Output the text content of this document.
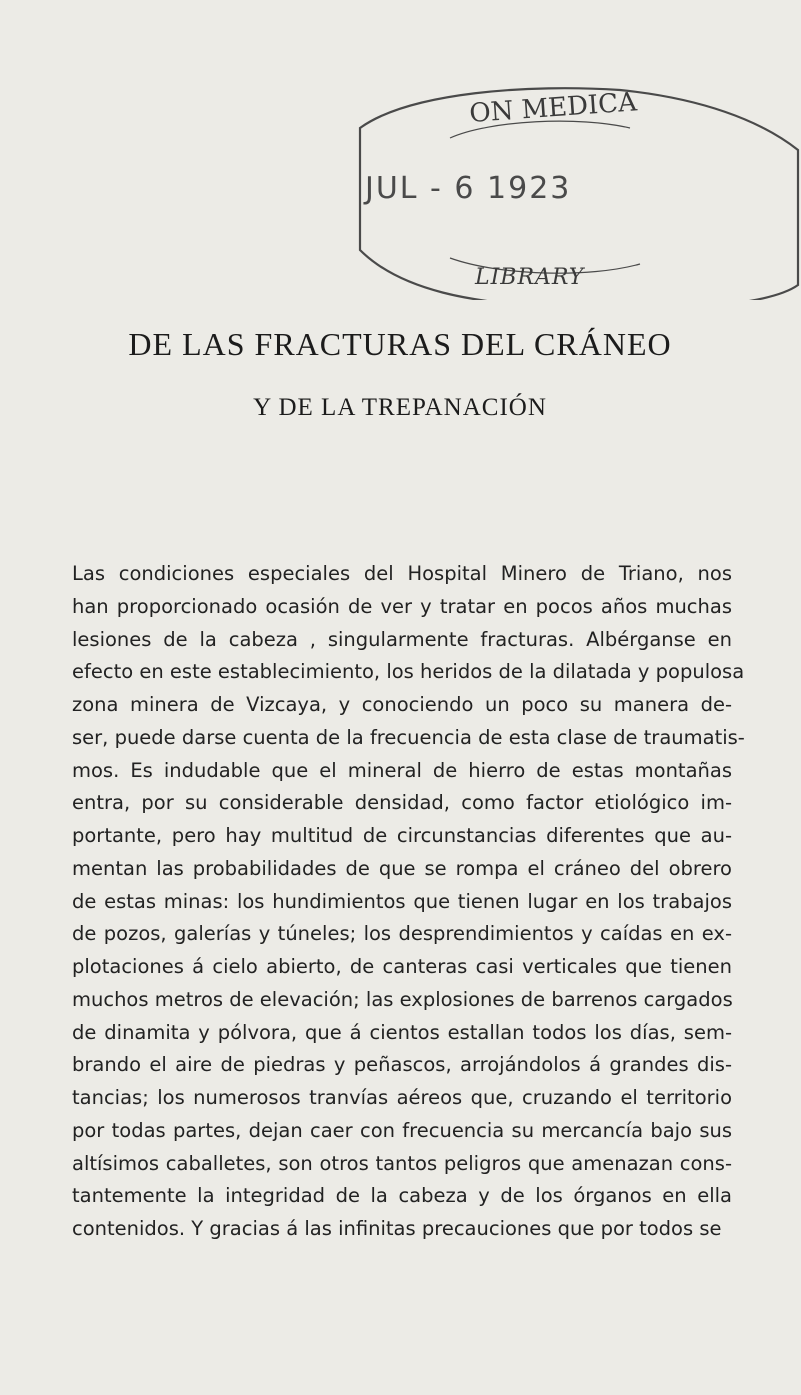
ON MEDICA
JUL - 6 1923
LIBRARY
DE LAS FRACTURAS DEL CRÁNEO
Y DE LA TREPANACIÓN
Las condiciones especiales del Hospital Minero de Triano, nos
han proporcionado ocasión de ver y tratar en pocos años muchas
lesiones de la cabeza , singularmente fracturas. Albérganse en
efecto en este establecimiento, los heridos de la dilatada y populosa
zona minera de Vizcaya, y conociendo un poco su manera de-
ser, puede darse cuenta de la frecuencia de esta clase de traumatis-
mos. Es indudable que el mineral de hierro de estas montañas
entra, por su considerable densidad, como factor etiológico im-
portante, pero hay multitud de circunstancias diferentes que au-
mentan las probabilidades de que se rompa el cráneo del obrero
de estas minas: los hundimientos que tienen lugar en los trabajos
de pozos, galerías y túneles; los desprendimientos y caídas en ex-
plotaciones á cielo abierto, de canteras casi verticales que tienen
muchos metros de elevación; las explosiones de barrenos cargados
de dinamita y pólvora, que á cientos estallan todos los días, sem-
brando el aire de piedras y peñascos, arrojándolos á grandes dis-
tancias; los numerosos tranvías aéreos que, cruzando el territorio
por todas partes, dejan caer con frecuencia su mercancía bajo sus
altísimos caballetes, son otros tantos peligros que amenazan cons-
tantemente la integridad de la cabeza y de los órganos en ella
contenidos. Y gracias á las infinitas precauciones que por todos se
